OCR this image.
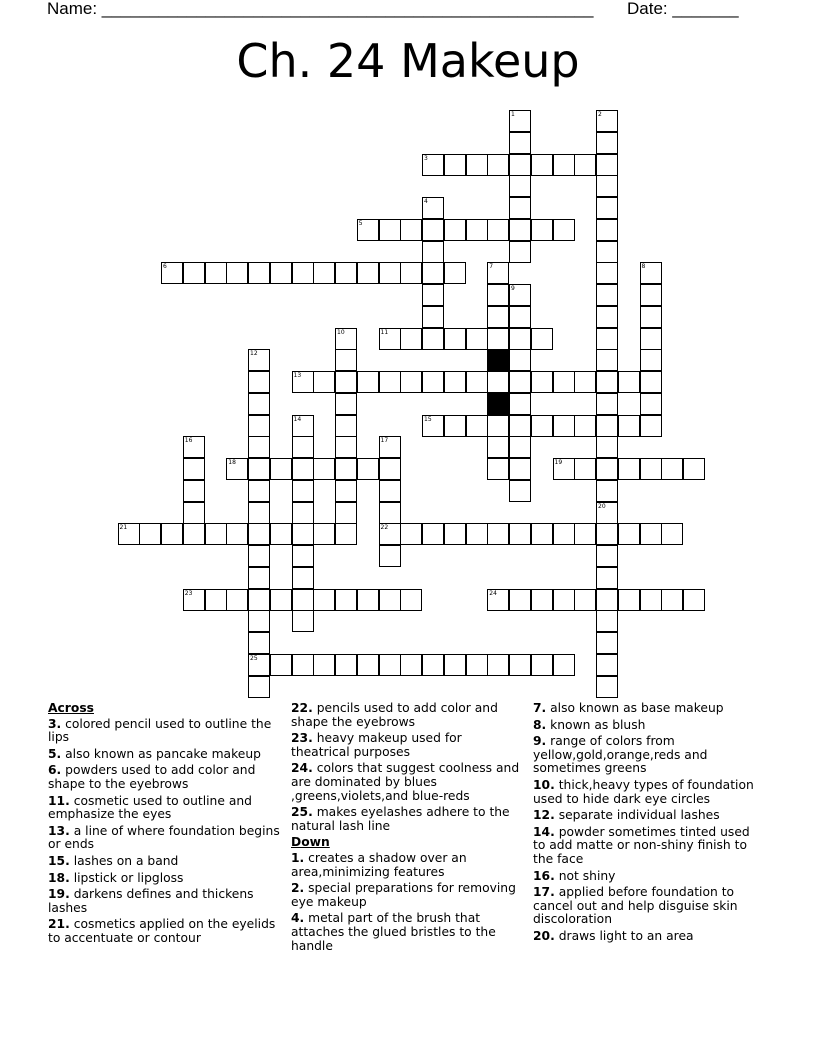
Name: ____________________________________________________ Date: _______
Ch. 24 Makeup
1	2
3
4
5
6	7	8
9
10	11
12
13
14	15
16	17
18	19
20
21	22
23	24
25
Across
3. colored pencil used to outline the lips
5. also known as pancake makeup
6. powders used to add color and shape to the eyebrows
11. cosmetic used to outline and emphasize the eyes
13. a line of where foundation begins or ends
15. lashes on a band
18. lipstick or lipgloss
19. darkens defines and thickens lashes
21. cosmetics applied on the eyelids to accentuate or contour
22. pencils used to add color and shape the eyebrows
23. heavy makeup used for theatrical purposes
24. colors that suggest coolness and are dominated by blues ,greens,violets,and blue-reds
25. makes eyelashes adhere to the natural lash line
Down
1. creates a shadow over an area,minimizing features
2. special preparations for removing eye makeup
4. metal part of the brush that attaches the glued bristles to the handle
7. also known as base makeup
8. known as blush
9. range of colors from yellow,gold,orange,reds and sometimes greens
10. thick,heavy types of foundation used to hide dark eye circles
12. separate individual lashes
14. powder sometimes tinted used to add matte or non-shiny finish to the face
16. not shiny
17. applied before foundation to cancel out and help disguise skin discoloration
20. draws light to an area
